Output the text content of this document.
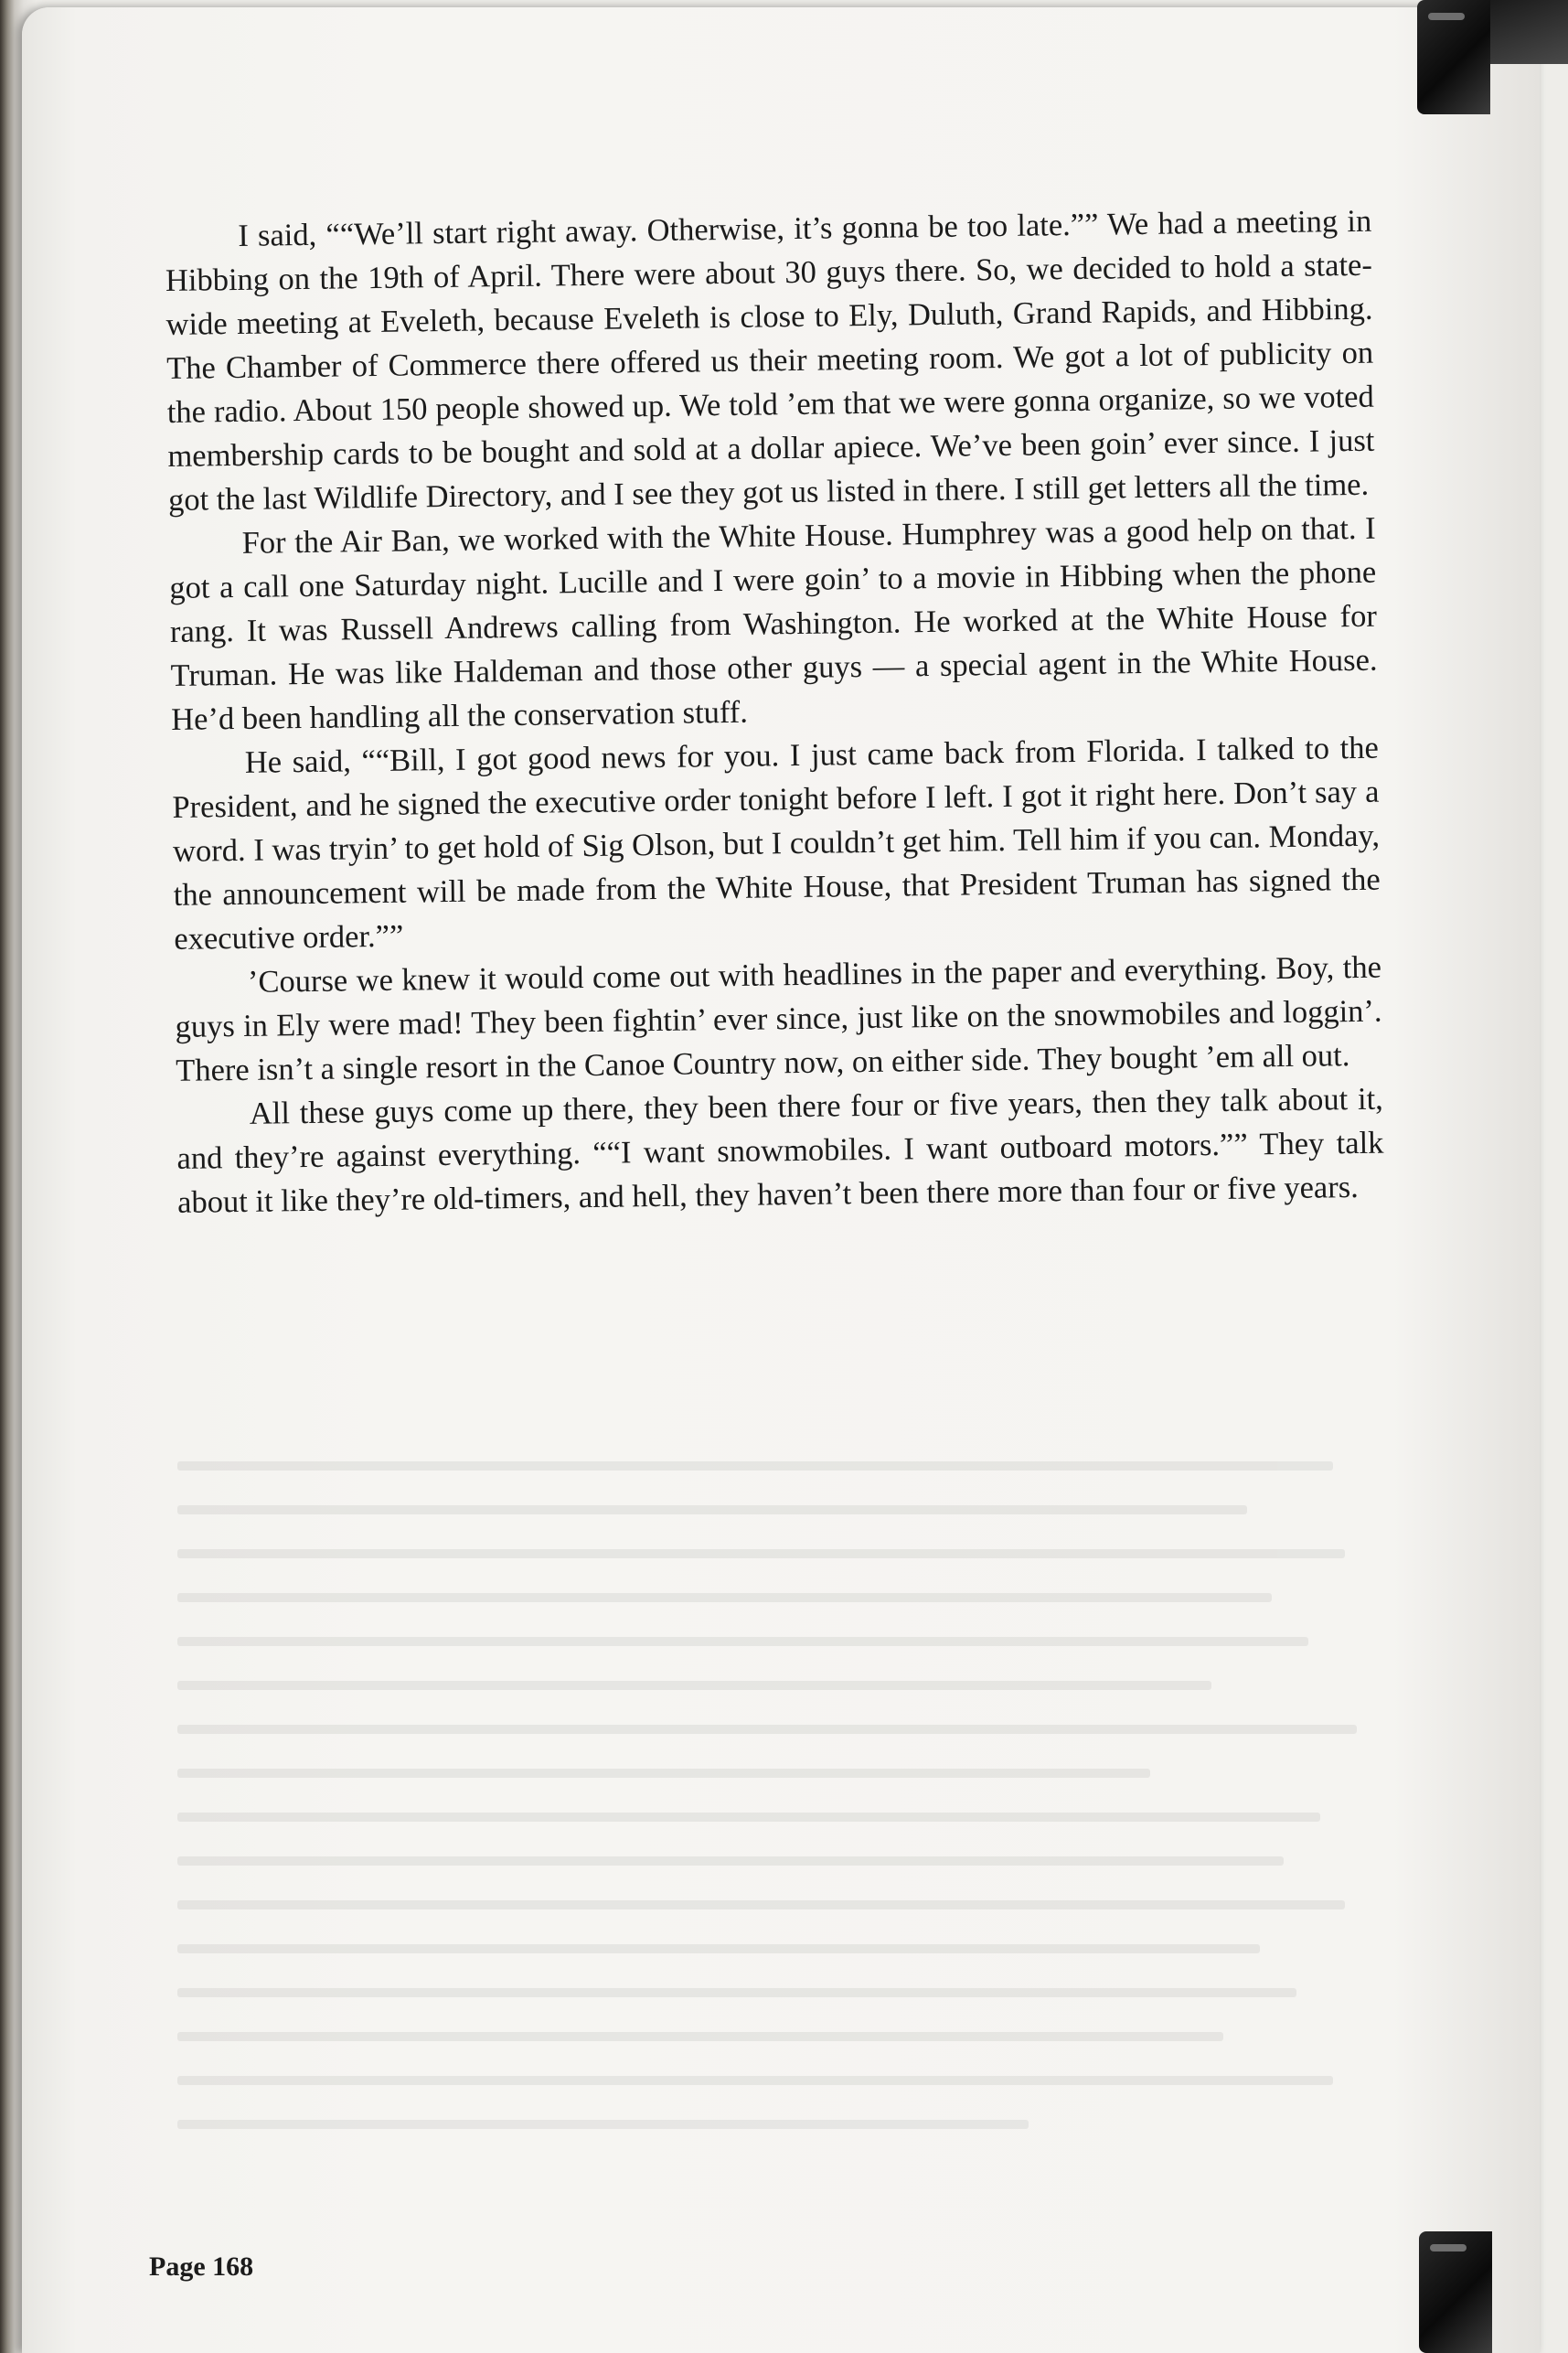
I said, ““We’ll start right away. Otherwise, it’s gonna be too late.”” We had a meeting in Hibbing on the 19th of April. There were about 30 guys there. So, we decided to hold a state-wide meeting at Eveleth, because Eveleth is close to Ely, Duluth, Grand Rapids, and Hibbing. The Chamber of Commerce there offered us their meeting room. We got a lot of publicity on the radio. About 150 people showed up. We told ’em that we were gonna organize, so we voted membership cards to be bought and sold at a dollar apiece. We’ve been goin’ ever since. I just got the last Wildlife Directory, and I see they got us listed in there. I still get letters all the time.

For the Air Ban, we worked with the White House. Humphrey was a good help on that. I got a call one Saturday night. Lucille and I were goin’ to a movie in Hibbing when the phone rang. It was Russell Andrews calling from Washington. He worked at the White House for Truman. He was like Haldeman and those other guys — a special agent in the White House. He’d been handling all the conservation stuff.

He said, ““Bill, I got good news for you. I just came back from Florida. I talked to the President, and he signed the executive order tonight before I left. I got it right here. Don’t say a word. I was tryin’ to get hold of Sig Olson, but I couldn’t get him. Tell him if you can. Monday, the announcement will be made from the White House, that President Truman has signed the executive order.””

’Course we knew it would come out with headlines in the paper and everything. Boy, the guys in Ely were mad! They been fightin’ ever since, just like on the snowmobiles and loggin’. There isn’t a single resort in the Canoe Country now, on either side. They bought ’em all out.

All these guys come up there, they been there four or five years, then they talk about it, and they’re against everything. ““I want snowmobiles. I want outboard motors.”” They talk about it like they’re old-timers, and hell, they haven’t been there more than four or five years.

Page 168
